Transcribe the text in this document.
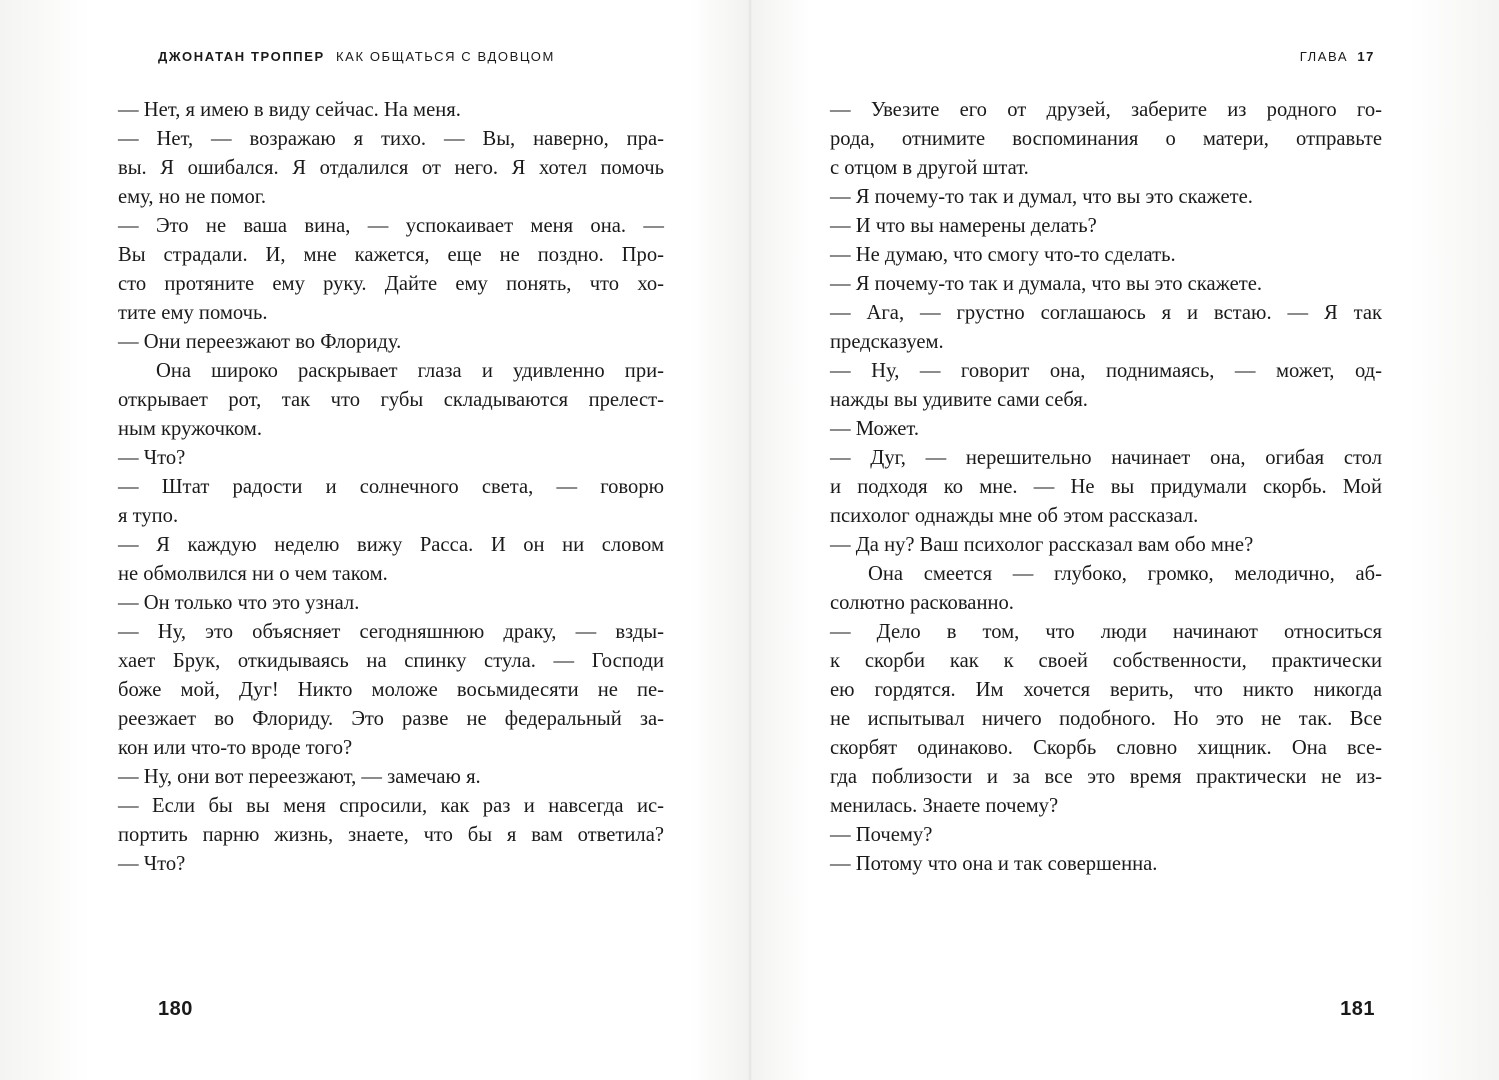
ДЖОНАТАН ТРОППЕР КАК ОБЩАТЬСЯ С ВДОВЦОМ
— Нет, я имею в виду сейчас. На меня.
— Нет, — возражаю я тихо. — Вы, наверно, пра-
вы. Я ошибался. Я отдалился от него. Я хотел помочь
ему, но не помог.
— Это не ваша вина, — успокаивает меня она. —
Вы страдали. И, мне кажется, еще не поздно. Про-
сто протяните ему руку. Дайте ему понять, что хо-
тите ему помочь.
— Они переезжают во Флориду.
Она широко раскрывает глаза и удивленно при-
открывает рот, так что губы складываются прелест-
ным кружочком.
— Что?
— Штат радости и солнечного света, — говорю
я тупо.
— Я каждую неделю вижу Расса. И он ни словом
не обмолвился ни о чем таком.
— Он только что это узнал.
— Ну, это объясняет сегодняшнюю драку, — взды-
хает Брук, откидываясь на спинку стула. — Господи
боже мой, Дуг! Никто моложе восьмидесяти не пе-
реезжает во Флориду. Это разве не федеральный за-
кон или что-то вроде того?
— Ну, они вот переезжают, — замечаю я.
— Если бы вы меня спросили, как раз и навсегда ис-
портить парню жизнь, знаете, что бы я вам ответила?
— Что?
180
ГЛАВА 17
— Увезите его от друзей, заберите из родного го-
рода, отнимите воспоминания о матери, отправьте
с отцом в другой штат.
— Я почему-то так и думал, что вы это скажете.
— И что вы намерены делать?
— Не думаю, что смогу что-то сделать.
— Я почему-то так и думала, что вы это скажете.
— Ага, — грустно соглашаюсь я и встаю. — Я так
предсказуем.
— Ну, — говорит она, поднимаясь, — может, од-
нажды вы удивите сами себя.
— Может.
— Дуг, — нерешительно начинает она, огибая стол
и подходя ко мне. — Не вы придумали скорбь. Мой
психолог однажды мне об этом рассказал.
— Да ну? Ваш психолог рассказал вам обо мне?
Она смеется — глубоко, громко, мелодично, аб-
солютно раскованно.
— Дело в том, что люди начинают относиться
к скорби как к своей собственности, практически
ею гордятся. Им хочется верить, что никто никогда
не испытывал ничего подобного. Но это не так. Все
скорбят одинаково. Скорбь словно хищник. Она все-
гда поблизости и за все это время практически не из-
менилась. Знаете почему?
— Почему?
— Потому что она и так совершенна.
181
